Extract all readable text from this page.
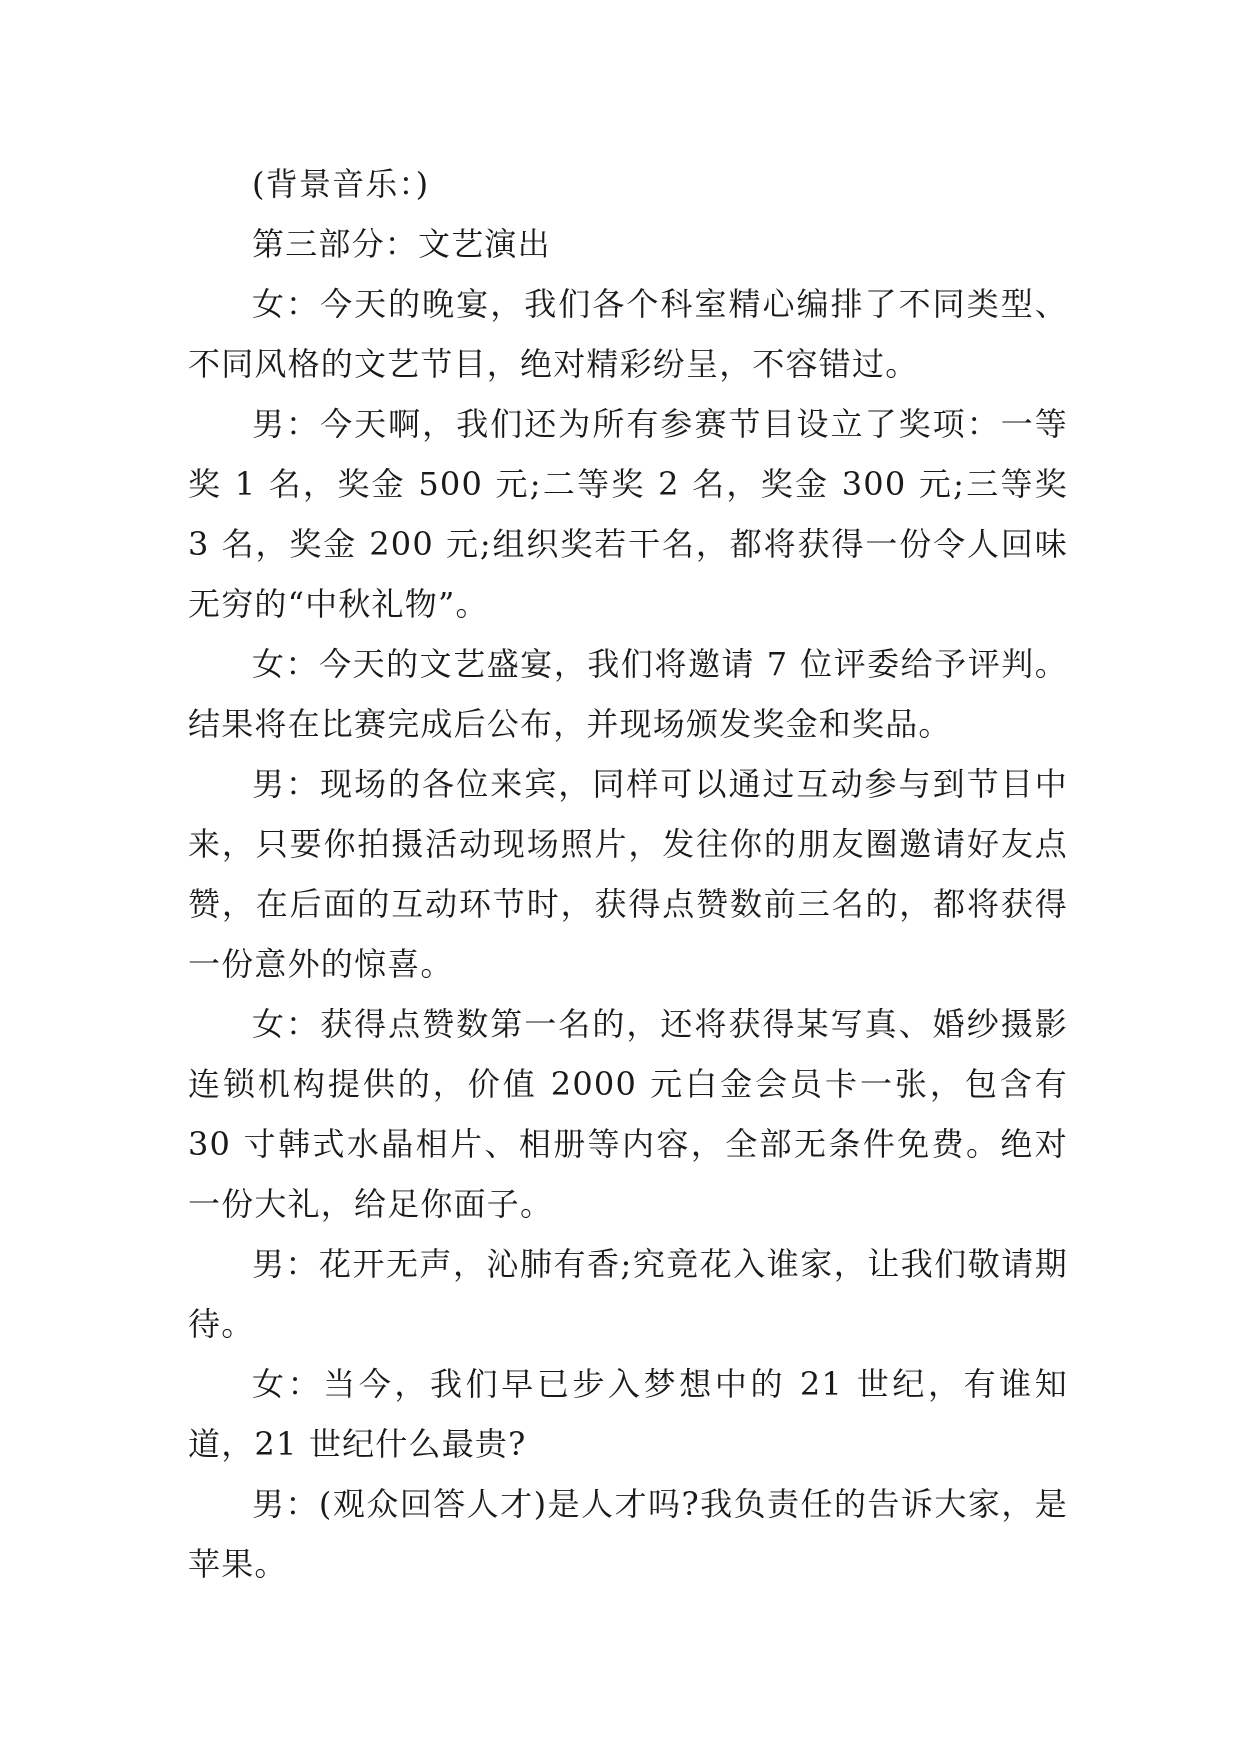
(背景音乐：)

第三部分：文艺演出

女：今天的晚宴，我们各个科室精心编排了不同类型、不同风格的文艺节目，绝对精彩纷呈，不容错过。

男：今天啊，我们还为所有参赛节目设立了奖项：一等奖 1 名，奖金 500 元;二等奖 2 名，奖金 300 元;三等奖 3 名，奖金 200 元;组织奖若干名，都将获得一份令人回味无穷的“中秋礼物”。

女：今天的文艺盛宴，我们将邀请 7 位评委给予评判。结果将在比赛完成后公布，并现场颁发奖金和奖品。

男：现场的各位来宾，同样可以通过互动参与到节目中来，只要你拍摄活动现场照片，发往你的朋友圈邀请好友点赞，在后面的互动环节时，获得点赞数前三名的，都将获得一份意外的惊喜。

女：获得点赞数第一名的，还将获得某写真、婚纱摄影连锁机构提供的，价值 2000 元白金会员卡一张，包含有 30 寸韩式水晶相片、相册等内容，全部无条件免费。绝对一份大礼，给足你面子。

男：花开无声，沁肺有香;究竟花入谁家，让我们敬请期待。

女：当今，我们早已步入梦想中的 21 世纪，有谁知道，21 世纪什么最贵?

男：(观众回答人才)是人才吗?我负责任的告诉大家，是苹果。
